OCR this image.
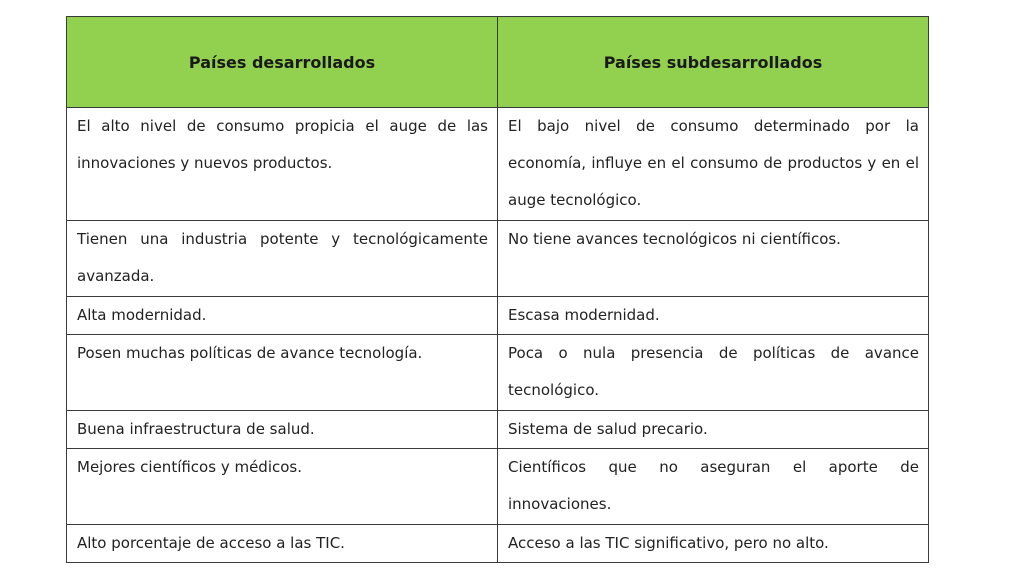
Países desarrollados	Países subdesarrollados
El alto nivel de consumo propicia el auge de las innovaciones y nuevos productos.	El bajo nivel de consumo determinado por la economía, influye en el consumo de productos y en el auge tecnológico.
Tienen una industria potente y tecnológicamente avanzada.	No tiene avances tecnológicos ni científicos.
Alta modernidad.	Escasa modernidad.
Posen muchas políticas de avance tecnología.	Poca o nula presencia de políticas de avance tecnológico.
Buena infraestructura de salud.	Sistema de salud precario.
Mejores científicos y médicos.	Científicos que no aseguran el aporte de innovaciones.
Alto porcentaje de acceso a las TIC.	Acceso a las TIC significativo, pero no alto.
